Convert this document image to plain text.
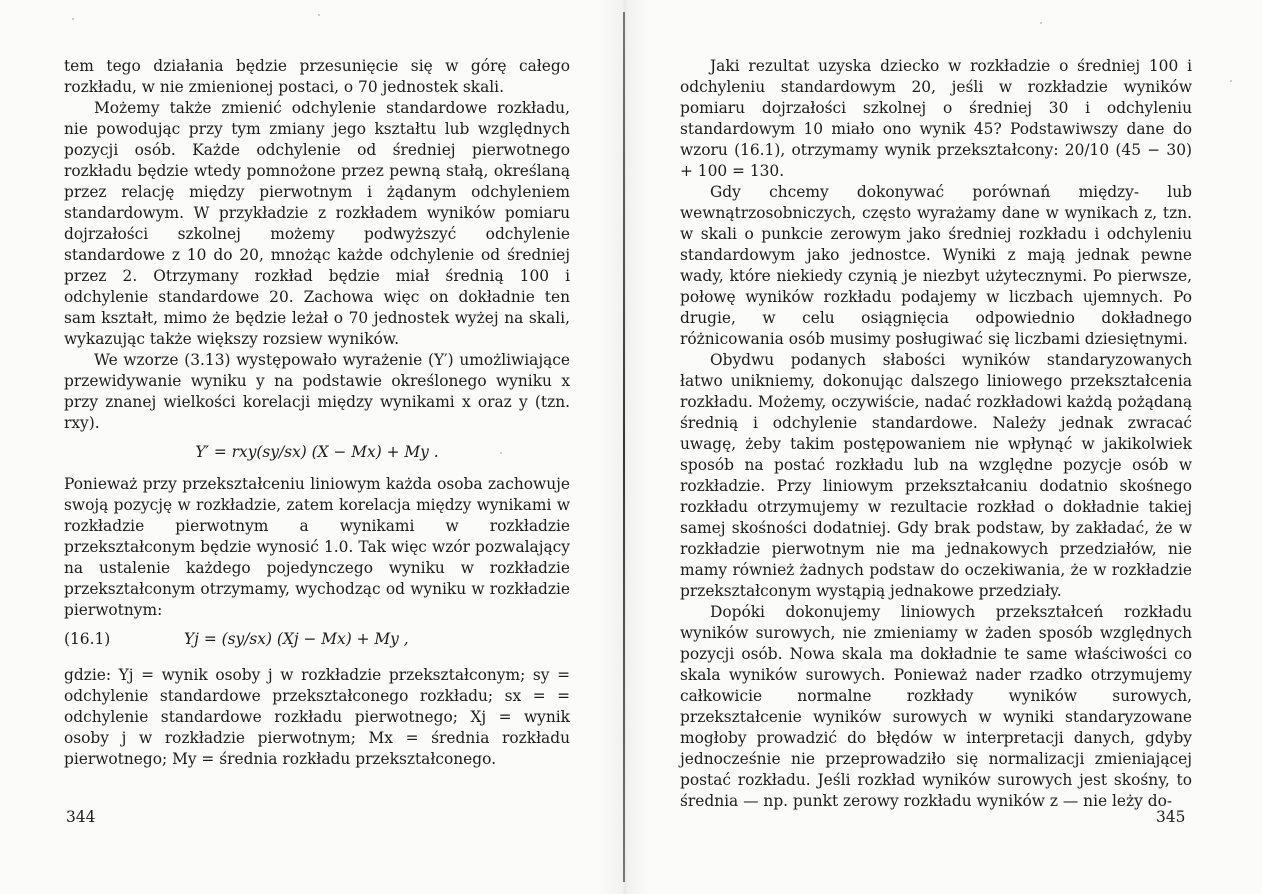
tem tego działania będzie przesunięcie się w górę całego rozkładu, w nie zmienionej postaci, o 70 jednostek skali.

Możemy także zmienić odchylenie standardowe rozkładu, nie powodując przy tym zmiany jego kształtu lub względnych pozycji osób. Każde odchylenie od średniej pierwotnego rozkładu będzie wtedy pomnożone przez pewną stałą, określaną przez relację między pierwotnym i żądanym odchyleniem standardowym. W przykładzie z rozkładem wyników pomiaru dojrzałości szkolnej możemy podwyższyć odchylenie standardowe z 10 do 20, mnożąc każde odchylenie od średniej przez 2. Otrzymany rozkład będzie miał średnią 100 i odchylenie standardowe 20. Zachowa więc on dokładnie ten sam kształt, mimo że będzie leżał o 70 jednostek wyżej na skali, wykazując także większy rozsiew wyników.

We wzorze (3.13) występowało wyrażenie (Y′) umożliwiające przewidywanie wyniku y na podstawie określonego wyniku x przy znanej wielkości korelacji między wynikami x oraz y (tzn. rxy).

Y′ = rxy(sy/sx) (X − Mx) + My .

Ponieważ przy przekształceniu liniowym każda osoba zachowuje swoją pozycję w rozkładzie, zatem korelacja między wynikami w rozkładzie pierwotnym a wynikami w rozkładzie przekształconym będzie wynosić 1.0. Tak więc wzór pozwalający na ustalenie każdego pojedynczego wyniku w rozkładzie przekształconym otrzymamy, wychodząc od wyniku w rozkładzie pierwotnym:

(16.1)	Yj = (sy/sx) (Xj − Mx) + My ,

gdzie: Yj = wynik osoby j w rozkładzie przekształconym; sy = odchylenie standardowe przekształconego rozkładu; sx = = odchylenie standardowe rozkładu pierwotnego; Xj = wynik osoby j w rozkładzie pierwotnym; Mx = średnia rozkładu pierwotnego; My = średnia rozkładu przekształconego.

344

Jaki rezultat uzyska dziecko w rozkładzie o średniej 100 i odchyleniu standardowym 20, jeśli w rozkładzie wyników pomiaru dojrzałości szkolnej o średniej 30 i odchyleniu standardowym 10 miało ono wynik 45? Podstawiwszy dane do wzoru (16.1), otrzymamy wynik przekształcony: 20/10 (45 − 30) + 100 = 130.

Gdy chcemy dokonywać porównań między- lub wewnątrzosobniczych, często wyrażamy dane w wynikach z, tzn. w skali o punkcie zerowym jako średniej rozkładu i odchyleniu standardowym jako jednostce. Wyniki z mają jednak pewne wady, które niekiedy czynią je niezbyt użytecznymi. Po pierwsze, połowę wyników rozkładu podajemy w liczbach ujemnych. Po drugie, w celu osiągnięcia odpowiednio dokładnego różnicowania osób musimy posługiwać się liczbami dziesiętnymi.

Obydwu podanych słabości wyników standaryzowanych łatwo unikniemy, dokonując dalszego liniowego przekształcenia rozkładu. Możemy, oczywiście, nadać rozkładowi każdą pożądaną średnią i odchylenie standardowe. Należy jednak zwracać uwagę, żeby takim postępowaniem nie wpłynąć w jakikolwiek sposób na postać rozkładu lub na względne pozycje osób w rozkładzie. Przy liniowym przekształcaniu dodatnio skośnego rozkładu otrzymujemy w rezultacie rozkład o dokładnie takiej samej skośności dodatniej. Gdy brak podstaw, by zakładać, że w rozkładzie pierwotnym nie ma jednakowych przedziałów, nie mamy również żadnych podstaw do oczekiwania, że w rozkładzie przekształconym wystąpią jednakowe przedziały.

Dopóki dokonujemy liniowych przekształceń rozkładu wyników surowych, nie zmieniamy w żaden sposób względnych pozycji osób. Nowa skala ma dokładnie te same właściwości co skala wyników surowych. Ponieważ nader rzadko otrzymujemy całkowicie normalne rozkłady wyników surowych, przekształcenie wyników surowych w wyniki standaryzowane mogłoby prowadzić do błędów w interpretacji danych, gdyby jednocześnie nie przeprowadziło się normalizacji zmieniającej postać rozkładu. Jeśli rozkład wyników surowych jest skośny, to średnia — np. punkt zerowy rozkładu wyników z — nie leży do-

345
